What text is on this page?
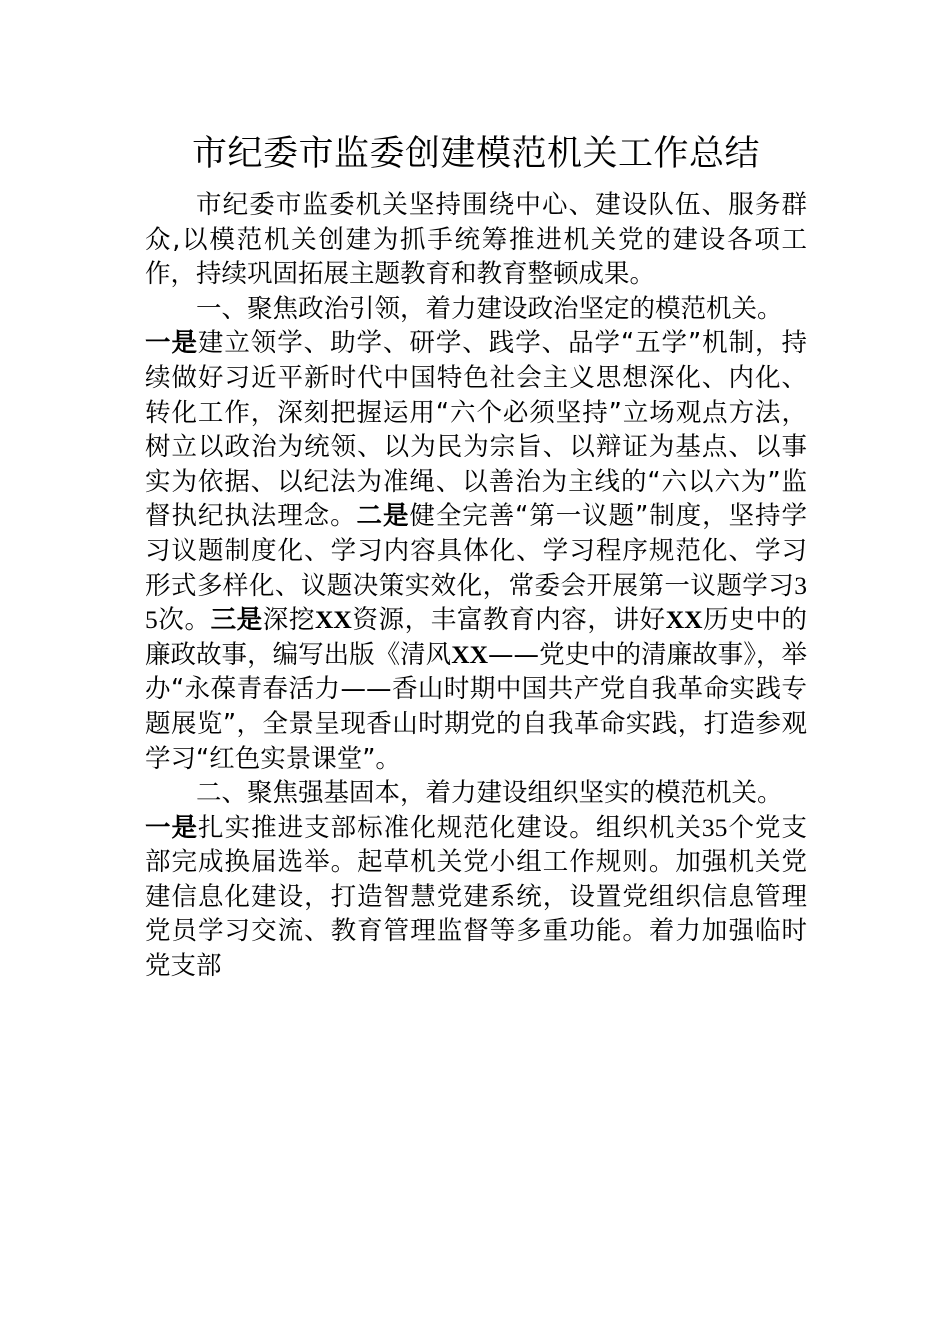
市纪委市监委创建模范机关工作总结

市纪委市监委机关坚持围绕中心、建设队伍、服务群众,以模范机关创建为抓手统筹推进机关党的建设各项工作，持续巩固拓展主题教育和教育整顿成果。

一、聚焦政治引领，着力建设政治坚定的模范机关。

一是建立领学、助学、研学、践学、品学“五学”机制，持续做好习近平新时代中国特色社会主义思想深化、内化、转化工作，深刻把握运用“六个必须坚持”立场观点方法，树立以政治为统领、以为民为宗旨、以辩证为基点、以事实为依据、以纪法为准绳、以善治为主线的“六以六为”监督执纪执法理念。二是健全完善“第一议题”制度，坚持学习议题制度化、学习内容具体化、学习程序规范化、学习形式多样化、议题决策实效化，常委会开展第一议题学习35次。三是深挖XX资源，丰富教育内容，讲好XX历史中的廉政故事，编写出版《清风XX——党史中的清廉故事》，举办“永葆青春活力——香山时期中国共产党自我革命实践专题展览”，全景呈现香山时期党的自我革命实践，打造参观学习“红色实景课堂”。

二、聚焦强基固本，着力建设组织坚实的模范机关。

一是扎实推进支部标准化规范化建设。组织机关35个党支部完成换届选举。起草机关党小组工作规则。加强机关党建信息化建设，打造智慧党建系统，设置党组织信息管理党员学习交流、教育管理监督等多重功能。着力加强临时党支部
